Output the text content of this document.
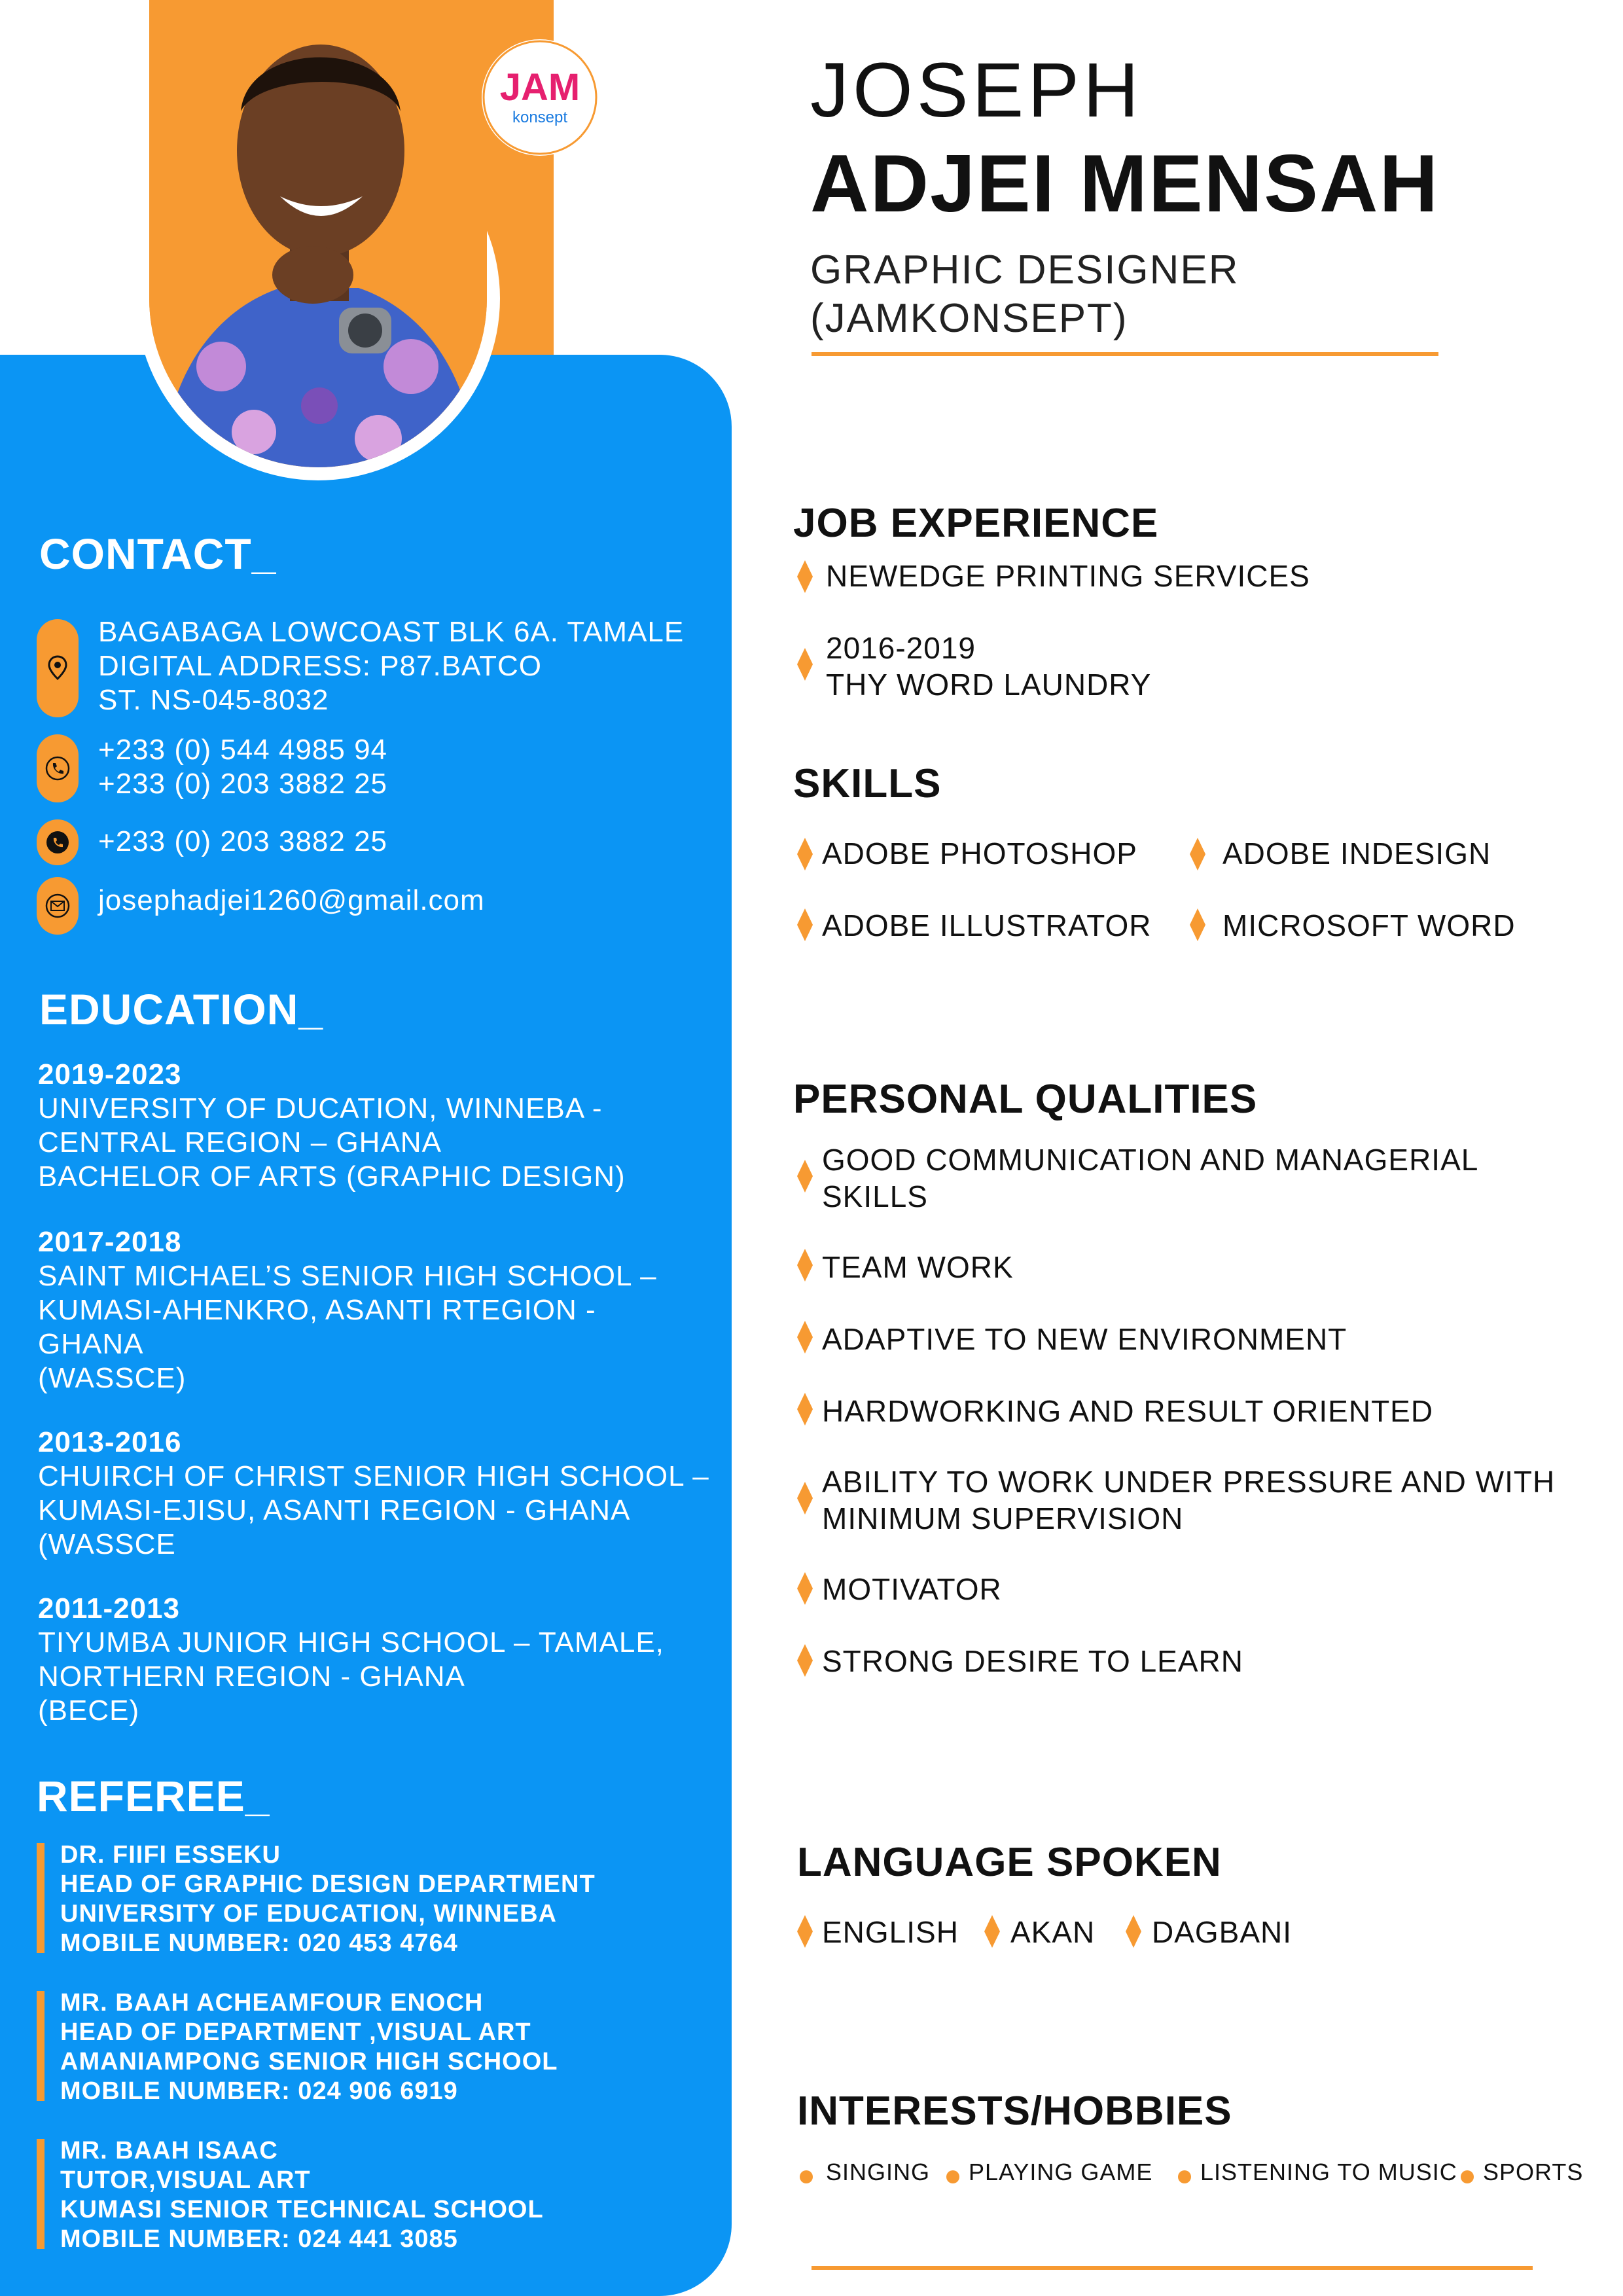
JAM
konsept	JOSEPH
ADJEI MENSAH
GRAPHIC DESIGNER
(JAMKONSEPT)
CONTACT_
BAGABAGA LOWCOAST BLK 6A. TAMALE
DIGITAL ADDRESS: P87.BATCO
ST. NS-045-8032
+233 (0) 544 4985 94
+233 (0) 203 3882 25
+233 (0) 203 3882 25
josephadjei1260@gmail.com
EDUCATION_
2019-2023
UNIVERSITY OF DUCATION, WINNEBA -
CENTRAL REGION – GHANA
BACHELOR OF ARTS (GRAPHIC DESIGN)
2017-2018
SAINT MICHAEL’S SENIOR HIGH SCHOOL –
KUMASI-AHENKRO, ASANTI RTEGION -
GHANA
(WASSCE)
2013-2016
CHUIRCH OF CHRIST SENIOR HIGH SCHOOL –
KUMASI-EJISU, ASANTI REGION - GHANA
(WASSCE
2011-2013
TIYUMBA JUNIOR HIGH SCHOOL – TAMALE,
NORTHERN REGION - GHANA
(BECE)
REFEREE_
DR. FIIFI ESSEKU
HEAD OF GRAPHIC DESIGN DEPARTMENT
UNIVERSITY OF EDUCATION, WINNEBA
MOBILE NUMBER: 020 453 4764
MR. BAAH ACHEAMFOUR ENOCH
HEAD OF DEPARTMENT ,VISUAL ART
AMANIAMPONG SENIOR HIGH SCHOOL
MOBILE NUMBER: 024 906 6919
MR. BAAH ISAAC
TUTOR,VISUAL ART
KUMASI SENIOR TECHNICAL SCHOOL
MOBILE NUMBER: 024 441 3085
JOB EXPERIENCE
NEWEDGE PRINTING SERVICES
2016-2019
THY WORD LAUNDRY
SKILLS
ADOBE PHOTOSHOP	ADOBE INDESIGN
ADOBE ILLUSTRATOR MICROSOFT WORD
PERSONAL QUALITIES
GOOD COMMUNICATION AND MANAGERIAL
SKILLS
TEAM WORK
ADAPTIVE TO NEW ENVIRONMENT
HARDWORKING AND RESULT ORIENTED
ABILITY TO WORK UNDER PRESSURE AND WITH
MINIMUM SUPERVISION
MOTIVATOR
STRONG DESIRE TO LEARN
LANGUAGE SPOKEN
ENGLISH AKAN DAGBANI
INTERESTS/HOBBIES
SINGING PLAYING GAME LISTENING TO MUSIC SPORTS
